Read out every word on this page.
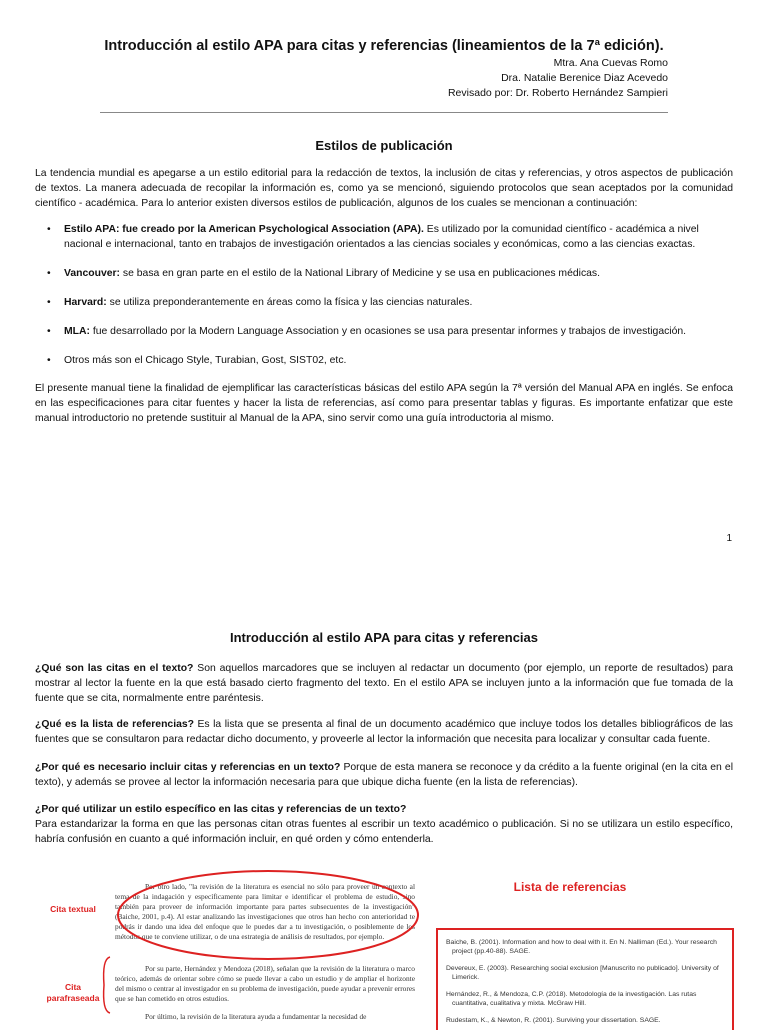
Introducción al estilo APA para citas y referencias (lineamientos de la 7ª edición).
Mtra. Ana Cuevas Romo
Dra. Natalie Berenice Diaz Acevedo
Revisado por: Dr. Roberto Hernández Sampieri
Estilos de publicación
La tendencia mundial es apegarse a un estilo editorial para la redacción de textos, la inclusión de citas y referencias, y otros aspectos de publicación de textos. La manera adecuada de recopilar la información es, como ya se mencionó, siguiendo protocolos que sean aceptados por la comunidad científico - académica. Para lo anterior existen diversos estilos de publicación, algunos de los cuales se mencionan a continuación:
• Estilo APA: fue creado por la American Psychological Association (APA). Es utilizado por la comunidad científico - académica a nivel nacional e internacional, tanto en trabajos de investigación orientados a las ciencias sociales y económicas, como a las ciencias exactas.
• Vancouver: se basa en gran parte en el estilo de la National Library of Medicine y se usa en publicaciones médicas.
• Harvard: se utiliza preponderantemente en áreas como la física y las ciencias naturales.
• MLA: fue desarrollado por la Modern Language Association y en ocasiones se usa para presentar informes y trabajos de investigación.
• Otros más son el Chicago Style, Turabian, Gost, SIST02, etc.
El presente manual tiene la finalidad de ejemplificar las características básicas del estilo APA según la 7ª versión del Manual APA en inglés. Se enfoca en las especificaciones para citar fuentes y hacer la lista de referencias, así como para presentar tablas y figuras. Es importante enfatizar que este manual introductorio no pretende sustituir al Manual de la APA, sino servir como una guía introductoria al mismo.
1
Introducción al estilo APA para citas y referencias
¿Qué son las citas en el texto? Son aquellos marcadores que se incluyen al redactar un documento (por ejemplo, un reporte de resultados) para mostrar al lector la fuente en la que está basado cierto fragmento del texto. En el estilo APA se incluyen junto a la información que fue tomada de la fuente que se cita, normalmente entre paréntesis.
¿Qué es la lista de referencias? Es la lista que se presenta al final de un documento académico que incluye todos los detalles bibliográficos de las fuentes que se consultaron para redactar dicho documento, y proveerle al lector la información que necesita para localizar y consultar cada fuente.
¿Por qué es necesario incluir citas y referencias en un texto? Porque de esta manera se reconoce y da crédito a la fuente original (en la cita en el texto), y además se provee al lector la información necesaria para que ubique dicha fuente (en la lista de referencias).
¿Por qué utilizar un estilo específico en las citas y referencias de un texto?
Para estandarizar la forma en que las personas citan otras fuentes al escribir un texto académico o publicación. Si no se utilizara un estilo específico, habría confusión en cuanto a qué información incluir, en qué orden y cómo entenderla.
Cita textual
Cita parafraseada
Por otro lado, "la revisión de la literatura es esencial no sólo para proveer un contexto al tema de la indagación y específicamente para limitar e identificar el problema de estudio, sino también para proveer de información importante para partes subsecuentes de la investigación" (Baiche, 2001, p.4). Al estar analizando las investigaciones que otros han hecho con anterioridad te podrás ir dando una idea del enfoque que le puedes dar a tu investigación, o posiblemente de los métodos que te conviene utilizar, o de una estrategia de análisis de resultados, por ejemplo.
Por su parte, Hernández y Mendoza (2018), señalan que la revisión de la literatura o marco teórico, además de orientar sobre cómo se puede llevar a cabo un estudio y de ampliar el horizonte del mismo o centrar al investigador en su problema de investigación, puede ayudar a prevenir errores que se han cometido en otros estudios.
Por último, la revisión de la literatura ayuda a fundamentar la necesidad de
Lista de referencias
Baiche, B. (2001). Information and how to deal with it. En N. Nalliman (Ed.). Your research project (pp.40-88). SAGE.
Devereux, E. (2003). Researching social exclusion [Manuscrito no publicado]. University of Limerick.
Hernández, R., & Mendoza, C.P. (2018). Metodología de la investigación. Las rutas cuantitativa, cualitativa y mixta. McGraw Hill.
Rudestam, K., & Newton, R. (2001). Surviving your dissertation. SAGE.
